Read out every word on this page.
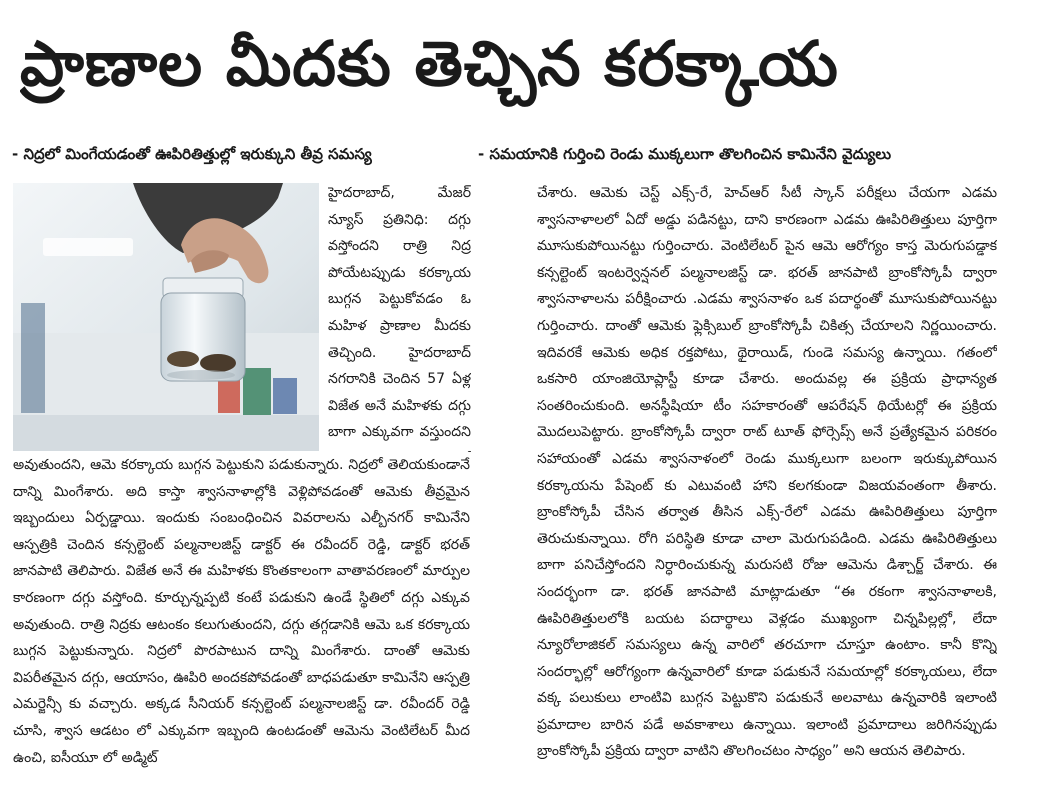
ప్రాణాల మీదకు తెచ్చిన కరక్కాయ
- నిద్రలో మింగేయడంతో ఊపిరితిత్తుల్లో ఇరుక్కుని తీవ్ర సమస్య	- సమయానికి గుర్తించి రెండు ముక్కలుగా తొలగించిన కామినేని వైద్యులు

హైదరాబాద్, మేజర్ న్యూస్ ప్రతినిధి: దగ్గు వస్తోందని రాత్రి నిద్ర పోయేటప్పుడు కరక్కాయ బుగ్గన పెట్టుకోవడం ఓ మహిళ ప్రాణాల మీదకు తెచ్చింది. హైదరాబాద్ నగరానికి చెందిన 57 ఏళ్ల విజేత అనే మహిళకు దగ్గు బాగా ఎక్కువగా వస్తుందని

అవుతుందని, ఆమె కరక్కాయ బుగ్గన పెట్టుకుని పడుకున్నారు. నిద్రలో తెలియకుండానే దాన్ని మింగేశారు. అది కాస్తా శ్వాసనాళాల్లోకి వెళ్లిపోవడంతో ఆమెకు తీవ్రమైన ఇబ్బందులు ఏర్పడ్డాయి. ఇందుకు సంబంధించిన వివరాలను ఎల్బీనగర్ కామినేని ఆస్పత్రికి చెందిన కన్సల్టెంట్ పల్మనాలజిస్ట్ డాక్టర్ ఈ రవీందర్ రెడ్డి, డాక్టర్ భరత్ జానపాటి తెలిపారు. విజేత అనే ఈ మహిళకు కొంతకాలంగా వాతావరణంలో మార్పుల కారణంగా దగ్గు వస్తోంది. కూర్చున్నప్పటి కంటే పడుకుని ఉండే స్థితిలో దగ్గు ఎక్కువ అవుతుంది. రాత్రి నిద్రకు ఆటంకం కలుగుతుందని, దగ్గు తగ్గడానికి ఆమె ఒక కరక్కాయ బుగ్గన పెట్టుకున్నారు. నిద్రలో పొరపాటున దాన్ని మింగేశారు. దాంతో ఆమెకు విపరీతమైన దగ్గు, ఆయాసం, ఊపిరి అందకపోవడంతో బాధపడుతూ కామినేని ఆస్పత్రి ఎమర్జెన్సీ కు వచ్చారు. అక్కడ సీనియర్ కన్సల్టెంట్ పల్మనాలజిస్ట్ డా. రవీందర్ రెడ్డి చూసి, శ్వాస ఆడటం లో ఎక్కువగా ఇబ్బంది ఉంటడంతో ఆమెను వెంటిలేటర్ మీద ఉంచి, ఐసీయూ లో అడ్మిట్

చేశారు. ఆమెకు చెస్ట్ ఎక్స్-రే, హెచ్ఆర్ సీటీ స్కాన్ పరీక్షలు చేయగా ఎడమ శ్వాసనాళాలలో ఏదో అడ్డు పడినట్టు, దాని కారణంగా ఎడమ ఊపిరితిత్తులు పూర్తిగా మూసుకుపోయినట్టు గుర్తించారు. వెంటిలేటర్ పైన ఆమె ఆరోగ్యం కాస్త మెరుగుపడ్డాక కన్సల్టెంట్ ఇంటర్వెన్షనల్ పల్మనాలజిస్ట్ డా. భరత్ జానపాటి బ్రాంకోస్కోపీ ద్వారా శ్వాసనాళాలను పరీక్షించారు .ఎడమ శ్వాసనాళం ఒక పదార్థంతో మూసుకుపోయినట్టు గుర్తించారు. దాంతో ఆమెకు ఫ్లెక్సిబుల్ బ్రాంకోస్కోపీ చికిత్స చేయాలని నిర్ణయించారు. ఇదివరకే ఆమెకు అధిక రక్తపోటు, థైరాయిడ్, గుండె సమస్య ఉన్నాయి. గతంలో ఒకసారి యాంజియోప్లాస్టీ కూడా చేశారు. అందువల్ల ఈ ప్రక్రియ ప్రాధాన్యత సంతరించుకుంది. అనస్థీషియా టీం సహకారంతో ఆపరేషన్ థియేటర్లో ఈ ప్రక్రియ మొదలుపెట్టారు. బ్రాంకోస్కోపీ ద్వారా రాట్ టూత్ ఫోర్సెప్స్ అనే ప్రత్యేకమైన పరికరం సహాయంతో ఎడమ శ్వాసనాళంలో రెండు ముక్కలుగా బలంగా ఇరుక్కుపోయిన కరక్కాయను పేషెంట్ కు ఎటువంటి హాని కలగకుండా విజయవంతంగా తీశారు. బ్రాంకోస్కోపీ చేసిన తర్వాత తీసిన ఎక్స్-రేలో ఎడమ ఊపిరితిత్తులు పూర్తిగా తెరుచుకున్నాయి. రోగి పరిస్థితి కూడా చాలా మెరుగుపడింది. ఎడమ ఊపిరితిత్తులు బాగా పనిచేస్తోందని నిర్ధారించుకున్న మరుసటి రోజు ఆమెను డిశ్చార్జ్ చేశారు. ఈ సందర్భంగా డా. భరత్ జానపాటి మాట్లాడుతూ “ఈ రకంగా శ్వాసనాళాలకి, ఊపిరితిత్తులలోకి బయట పదార్థాలు వెళ్లడం ముఖ్యంగా చిన్నపిల్లల్లో, లేదా న్యూరోలాజికల్ సమస్యలు ఉన్న వారిలో తరచూగా చూస్తూ ఉంటాం. కానీ కొన్ని సందర్భాల్లో ఆరోగ్యంగా ఉన్నవారిలో కూడా పడుకునే సమయాల్లో కరక్కాయలు, లేదా వక్క పలుకులు లాంటివి బుగ్గన పెట్టుకొని పడుకునే అలవాటు ఉన్నవారికి ఇలాంటి ప్రమాదాల బారిన పడే అవకాశాలు ఉన్నాయి. ఇలాంటి ప్రమాదాలు జరిగినప్పుడు బ్రాంకోస్కోపీ ప్రక్రియ ద్వారా వాటిని తొలగించటం సాధ్యం” అని ఆయన తెలిపారు.
